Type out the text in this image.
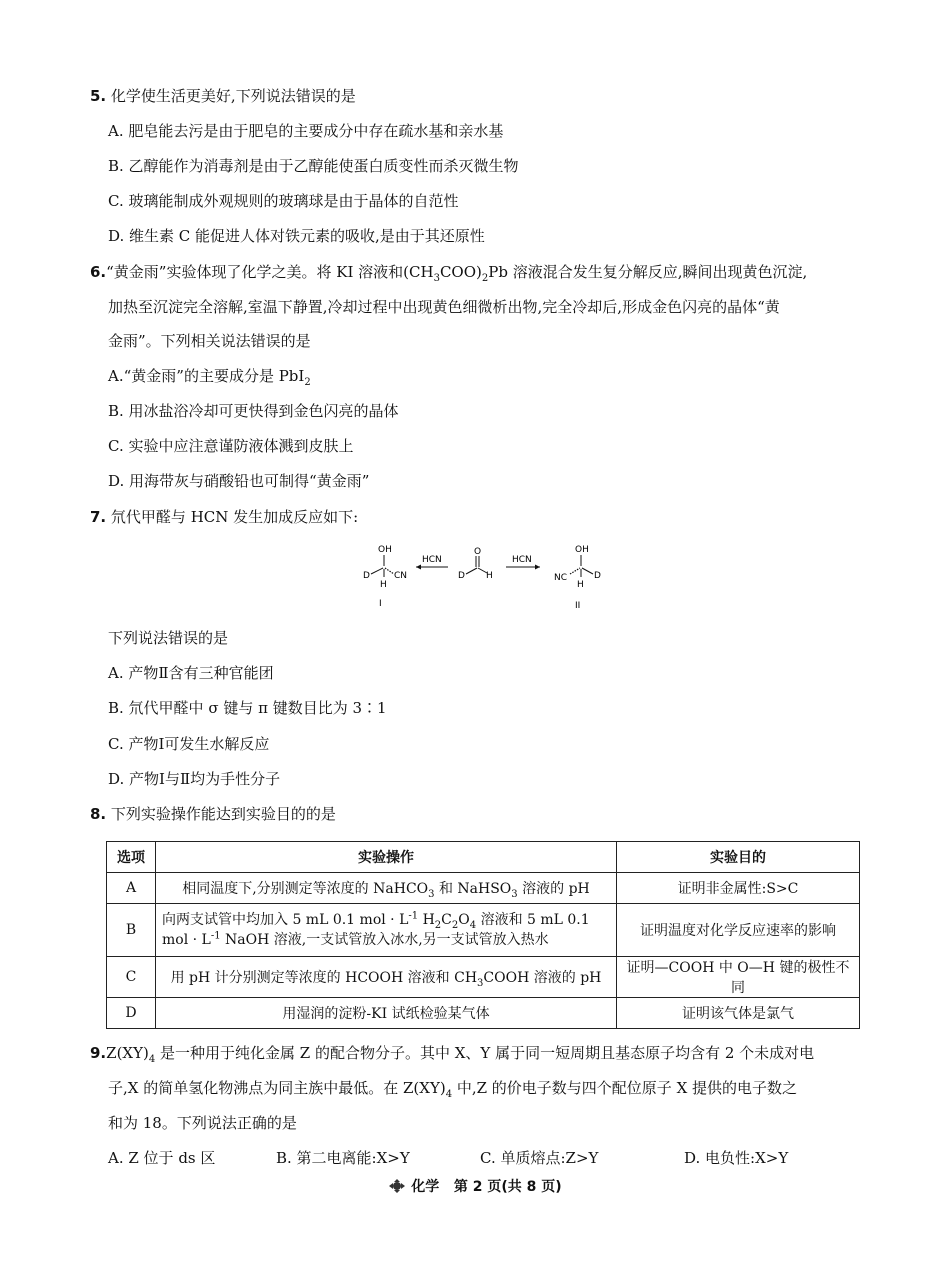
5. 化学使生活更美好,下列说法错误的是
A. 肥皂能去污是由于肥皂的主要成分中存在疏水基和亲水基
B. 乙醇能作为消毒剂是由于乙醇能使蛋白质变性而杀灭微生物
C. 玻璃能制成外观规则的玻璃球是由于晶体的自范性
D. 维生素 C 能促进人体对铁元素的吸收,是由于其还原性
6.“黄金雨”实验体现了化学之美。将 KI 溶液和$(CH_3COO)_2Pb$ 溶液混合发生复分解反应,瞬间出现黄色沉淀,
加热至沉淀完全溶解,室温下静置,冷却过程中出现黄色细微析出物,完全冷却后,形成金色闪亮的晶体“黄
金雨”。下列相关说法错误的是
A.“黄金雨”的主要成分是 PbI$_2$
B. 用冰盐浴冷却可更快得到金色闪亮的晶体
C. 实验中应注意谨防液体溅到皮肤上
D. 用海带灰与硝酸铅也可制得“黄金雨”
7. 氘代甲醛与 HCN 发生加成反应如下:
OH
D	CN
H
I
HCN
O
D H
HCN
OH
NC	D
H
II
下列说法错误的是
A. 产物Ⅱ含有三种官能团
B. 氘代甲醛中 σ 键与 π 键数目比为 3∶1
C. 产物Ⅰ可发生水解反应
D. 产物Ⅰ与Ⅱ均为手性分子
8. 下列实验操作能达到实验目的的是
选项	实验操作	实验目的
A	相同温度下,分别测定等浓度的 NaHCO$_3$ 和 NaHSO$_3$ 溶液的 pH	证明非金属性:S>C
B	向两支试管中均加入 5 mL 0.1 mol · $L^{-1}$ $H_2C_2O_4$ 溶液和 5 mL 0.1
mol · $L^{-1}$ NaOH 溶液,一支试管放入冰水,另一支试管放入热水	证明温度对化学反应速率的影响
C	用 pH 计分别测定等浓度的 HCOOH 溶液和 $CH_3COOH$ 溶液的 pH	证明—COOH 中 O—H 键的极性不同
D	用湿润的淀粉-KI 试纸检验某气体	证明该气体是氯气
$9.Z(XY)_4$ 是一种用于纯化金属 Z 的配合物分子。其中 X、Y 属于同一短周期且基态原子均含有 2 个未成对电
子,X 的简单氢化物沸点为同主族中最低。在 $Z(XY)_4$ 中,Z 的价电子数与四个配位原子 X 提供的电子数之
和为 18。下列说法正确的是
A. Z 位于 ds 区	B. 第二电离能:X>Y	C. 单质熔点:Z>Y	D. 电负性:X>Y
化学 第 2 页(共 8 页)
